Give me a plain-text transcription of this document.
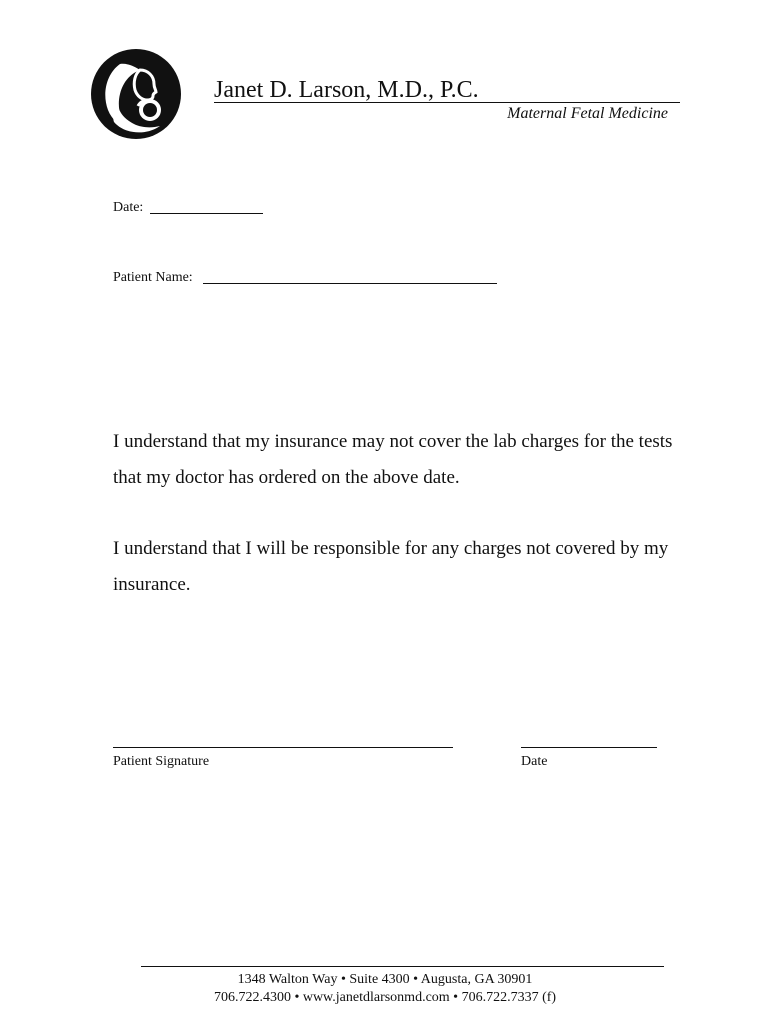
Janet D. Larson, M.D., P.C.
Maternal Fetal Medicine
Date:
Patient Name:

I understand that my insurance may not cover the lab charges for the tests that my doctor has ordered on the above date.

I understand that I will be responsible for any charges not covered by my insurance.

Patient Signature	Date
1348 Walton Way • Suite 4300 • Augusta, GA 30901
706.722.4300 • www.janetdlarsonmd.com • 706.722.7337 (f)
